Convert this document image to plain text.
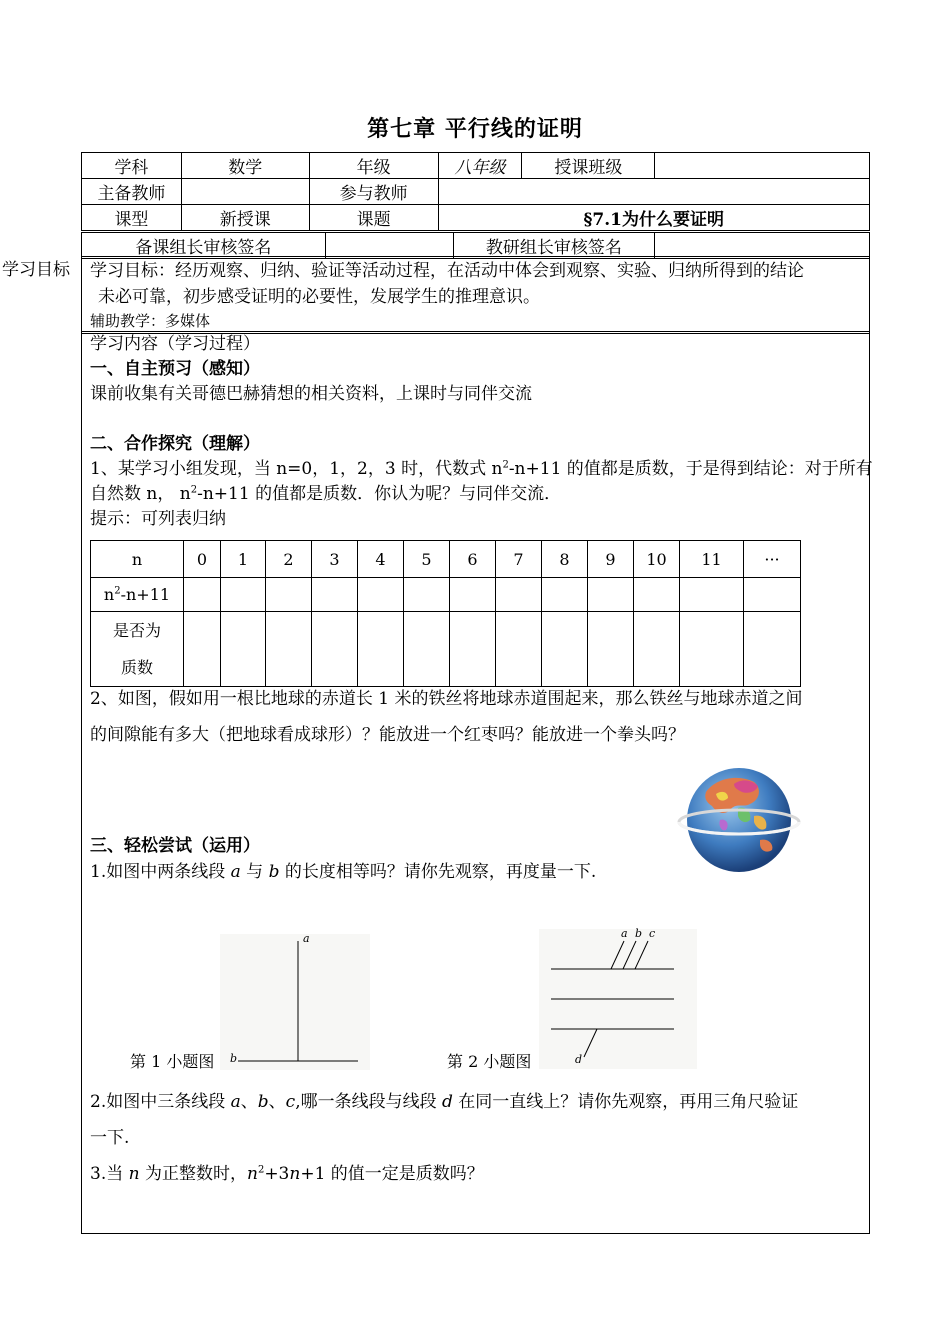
第七章 平行线的证明
学科	数学	年级	八年级	授课班级	
主备教师		参与教师			
课型	新授课	课题	§7.1为什么要证明		
备课组长审核签名		教研组长审核签名	
学习目标 学习目标：经历观察、归纳、验证等活动过程，在活动中体会到观察、实验、归纳所得到的结论
未必可靠，初步感受证明的必要性，发展学生的推理意识。
辅助教学：多媒体
学习内容（学习过程）
一、自主预习（感知）
课前收集有关哥德巴赫猜想的相关资料，上课时与同伴交流
二、合作探究（理解）
1、某学习小组发现，当 n=0，1，2，3 时，代数式 $n^2-n+11$ 的值都是质数，于是得到结论：对于所有
自然数 n， $n^2-n+11$ 的值都是质数．你认为呢？与同伴交流．
提示：可列表归纳
n	0	1	2	3	4	5	6	7	8	9	10	11	···
$n^2-n+11$													
是否为
质数													
2、如图，假如用一根比地球的赤道长 1 米的铁丝将地球赤道围起来，那么铁丝与地球赤道之间
的间隙能有多大（把地球看成球形）？能放进一个红枣吗？能放进一个拳头吗？
三、轻松尝试（运用）
1.如图中两条线段 a 与 b 的长度相等吗？请你先观察，再度量一下.
a
b
第 1 小题图
a b c
d
第 2 小题图
2.如图中三条线段 a、b、c,哪一条线段与线段 d 在同一直线上？请你先观察，再用三角尺验证
一下.
3.当 n 为正整数时，$n^2+3n+1$ 的值一定是质数吗？
